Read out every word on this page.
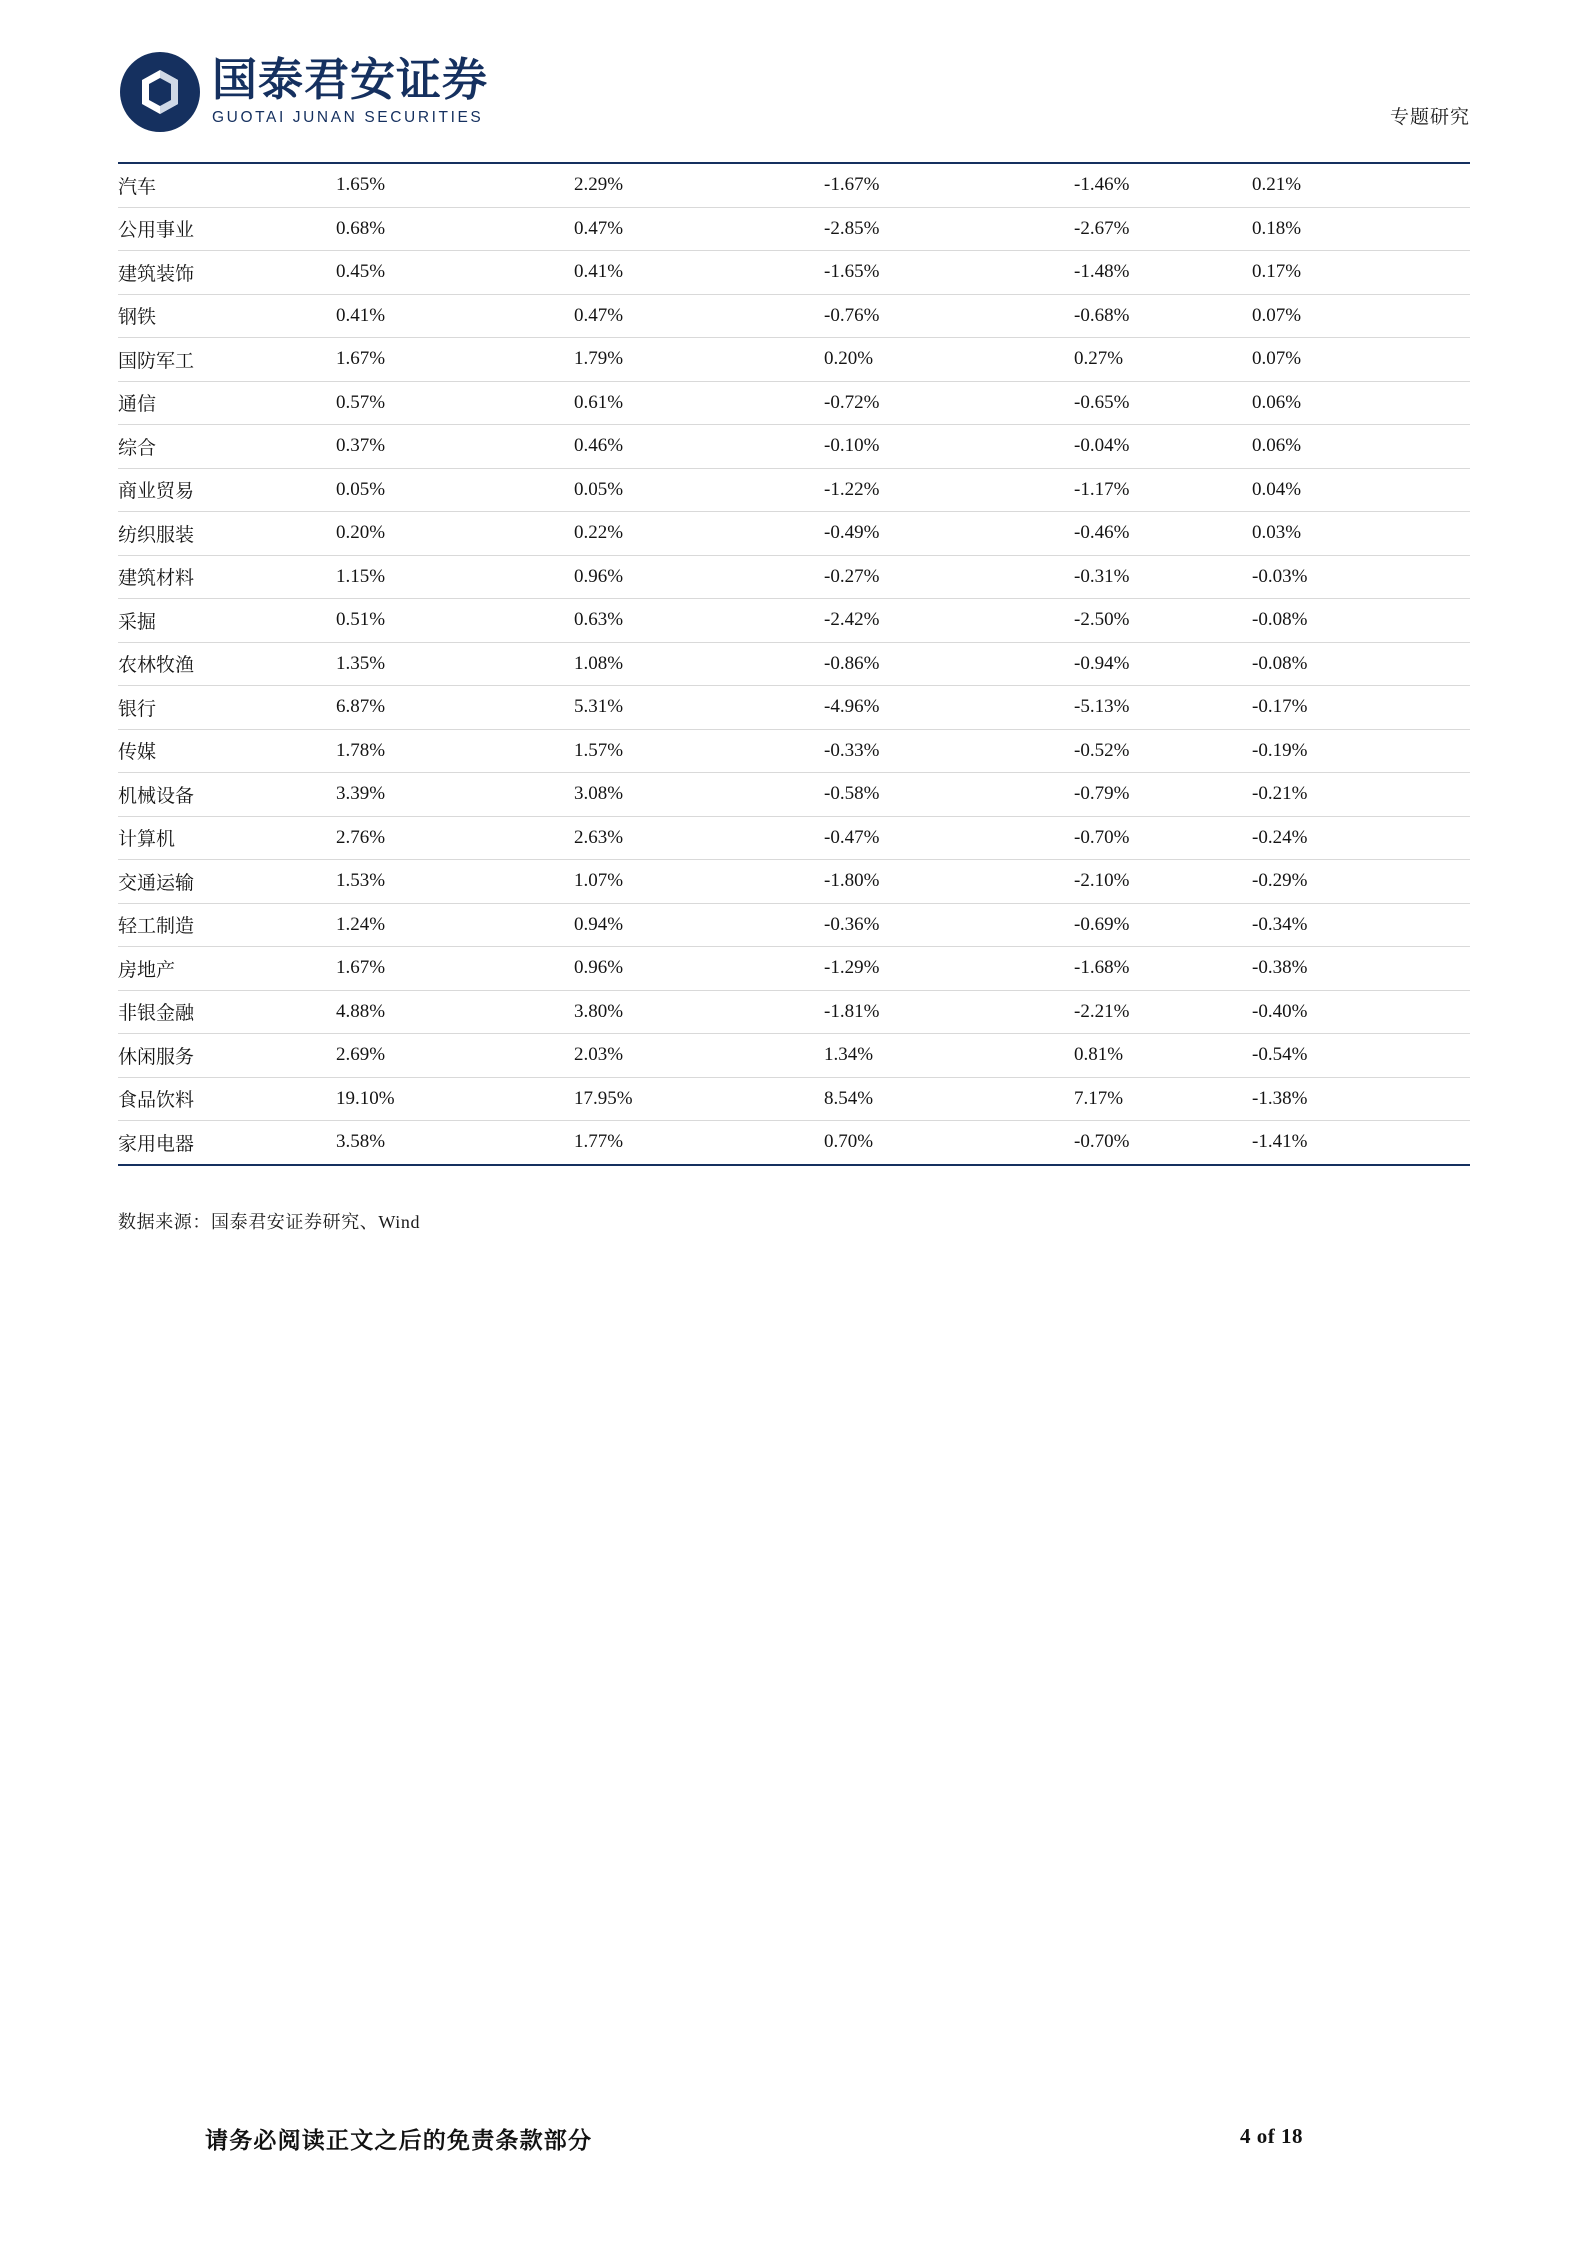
国泰君安证券
GUOTAI JUNAN SECURITIES	专题研究
汽车	1.65%	2.29%	-1.67%	-1.46%	0.21%
公用事业	0.68%	0.47%	-2.85%	-2.67%	0.18%
建筑装饰	0.45%	0.41%	-1.65%	-1.48%	0.17%
钢铁	0.41%	0.47%	-0.76%	-0.68%	0.07%
国防军工	1.67%	1.79%	0.20%	0.27%	0.07%
通信	0.57%	0.61%	-0.72%	-0.65%	0.06%
综合	0.37%	0.46%	-0.10%	-0.04%	0.06%
商业贸易	0.05%	0.05%	-1.22%	-1.17%	0.04%
纺织服装	0.20%	0.22%	-0.49%	-0.46%	0.03%
建筑材料	1.15%	0.96%	-0.27%	-0.31%	-0.03%
采掘	0.51%	0.63%	-2.42%	-2.50%	-0.08%
农林牧渔	1.35%	1.08%	-0.86%	-0.94%	-0.08%
银行	6.87%	5.31%	-4.96%	-5.13%	-0.17%
传媒	1.78%	1.57%	-0.33%	-0.52%	-0.19%
机械设备	3.39%	3.08%	-0.58%	-0.79%	-0.21%
计算机	2.76%	2.63%	-0.47%	-0.70%	-0.24%
交通运输	1.53%	1.07%	-1.80%	-2.10%	-0.29%
轻工制造	1.24%	0.94%	-0.36%	-0.69%	-0.34%
房地产	1.67%	0.96%	-1.29%	-1.68%	-0.38%
非银金融	4.88%	3.80%	-1.81%	-2.21%	-0.40%
休闲服务	2.69%	2.03%	1.34%	0.81%	-0.54%
食品饮料	19.10%	17.95%	8.54%	7.17%	-1.38%
家用电器	3.58%	1.77%	0.70%	-0.70%	-1.41%
数据来源：国泰君安证券研究、Wind
请务必阅读正文之后的免责条款部分	4 of 18
